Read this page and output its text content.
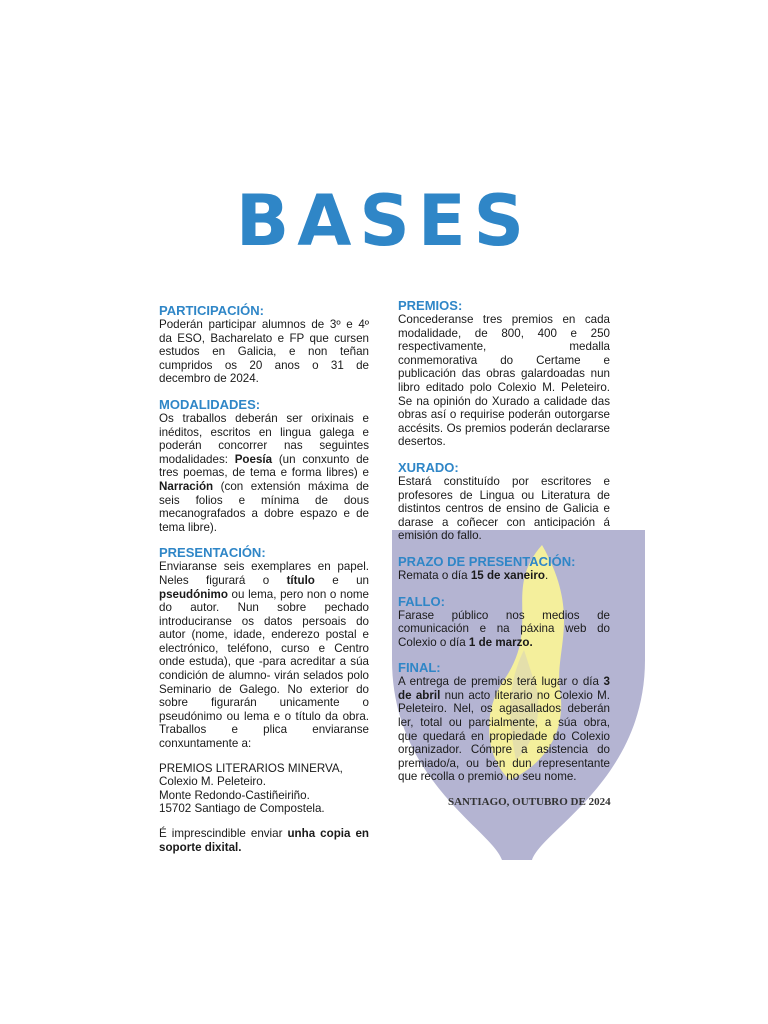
BASES
PARTICIPACIÓN:

Poderán participar alumnos de 3º e 4º da ESO, Bacharelato e FP que cursen estudos en Galicia, e non teñan cumpridos os 20 anos o 31 de decembro de 2024.

MODALIDADES:

Os traballos deberán ser orixinais e inéditos, escritos en lingua galega e poderán concorrer nas seguintes modalidades: Poesía (un conxunto de tres poemas, de tema e forma libres) e Narración (con extensión máxima de seis folios e mínima de dous mecanografados a dobre espazo e de tema libre).

PRESENTACIÓN:

Enviaranse seis exemplares en papel. Neles figurará o título e un pseudónimo ou lema, pero non o nome do autor. Nun sobre pechado introduciranse os datos persoais do autor (nome, idade, enderezo postal e electrónico, teléfono, curso e Centro onde estuda), que -para acreditar a súa condición de alumno- virán selados polo Seminario de Galego. No exterior do sobre figurarán unicamente o pseudónimo ou lema e o título da obra. Traballos e plica enviaranse conxuntamente a:

PREMIOS LITERARIOS MINERVA,
Colexio M. Peleteiro.
Monte Redondo-Castiñeiriño.
15702 Santiago de Compostela.

É imprescindible enviar unha copia en soporte dixital.

PREMIOS:

Concederanse tres premios en cada modalidade, de 800, 400 e 250 respectivamente, medalla conmemorativa do Certame e publicación das obras galardoadas nun libro editado polo Colexio M. Peleteiro. Se na opinión do Xurado a calidade das obras así o requirise poderán outorgarse accésits. Os premios poderán declararse desertos.

XURADO:

Estará constituído por escritores e profesores de Lingua ou Literatura de distintos centros de ensino de Galicia e darase a coñecer con anticipación á emisión do fallo.

PRAZO DE PRESENTACIÓN:

Remata o día 15 de xaneiro.

FALLO:

Farase público nos medios de comunicación e na páxina web do Colexio o día 1 de marzo.

FINAL:

A entrega de premios terá lugar o día 3 de abril nun acto literario no Colexio M. Peleteiro. Nel, os agasallados deberán ler, total ou parcialmente, a súa obra, que quedará en propiedade do Colexio organizador. Cómpre a asistencia do premiado/a, ou ben dun representante que recolla o premio no seu nome.

SANTIAGO, OUTUBRO DE 2024
